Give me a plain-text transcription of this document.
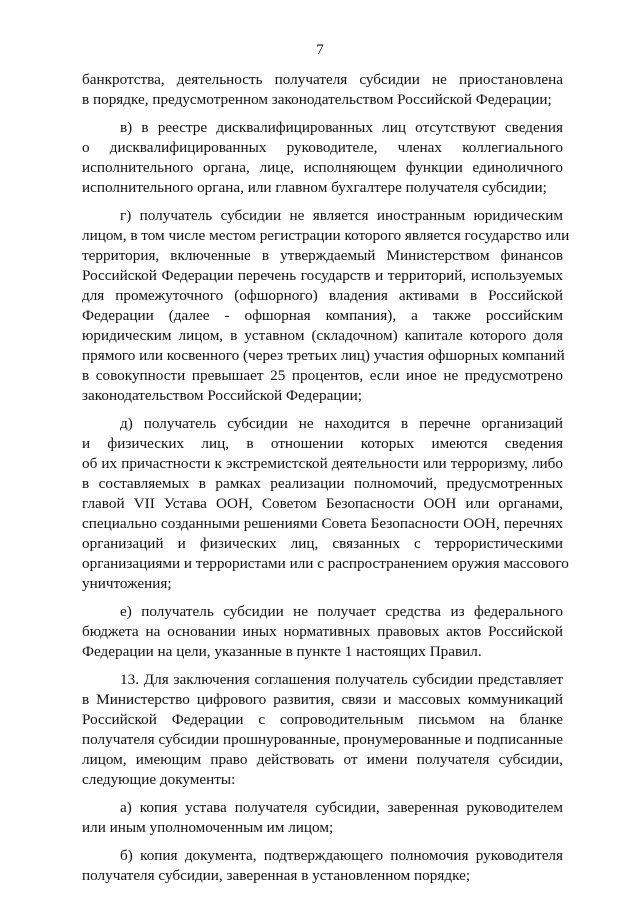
7
банкротства, деятельность получателя субсидии не приостановлена
в порядке, предусмотренном законодательством Российской Федерации;
в) в реестре дисквалифицированных лиц отсутствуют сведения
о дисквалифицированных руководителе, членах коллегиального
исполнительного органа, лице, исполняющем функции единоличного
исполнительного органа, или главном бухгалтере получателя субсидии;
г) получатель субсидии не является иностранным юридическим
лицом, в том числе местом регистрации которого является государство или
территория, включенные в утверждаемый Министерством финансов
Российской Федерации перечень государств и территорий, используемых
для промежуточного (офшорного) владения активами в Российской
Федерации (далее - офшорная компания), а также российским
юридическим лицом, в уставном (складочном) капитале которого доля
прямого или косвенного (через третьих лиц) участия офшорных компаний
в совокупности превышает 25 процентов, если иное не предусмотрено
законодательством Российской Федерации;
д) получатель субсидии не находится в перечне организаций
и физических лиц, в отношении которых имеются сведения
об их причастности к экстремистской деятельности или терроризму, либо
в составляемых в рамках реализации полномочий, предусмотренных
главой VII Устава ООН, Советом Безопасности ООН или органами,
специально созданными решениями Совета Безопасности ООН, перечнях
организаций и физических лиц, связанных с террористическими
организациями и террористами или с распространением оружия массового
уничтожения;
е) получатель субсидии не получает средства из федерального
бюджета на основании иных нормативных правовых актов Российской
Федерации на цели, указанные в пункте 1 настоящих Правил.
13. Для заключения соглашения получатель субсидии представляет
в Министерство цифрового развития, связи и массовых коммуникаций
Российской Федерации с сопроводительным письмом на бланке
получателя субсидии прошнурованные, пронумерованные и подписанные
лицом, имеющим право действовать от имени получателя субсидии,
следующие документы:
а) копия устава получателя субсидии, заверенная руководителем
или иным уполномоченным им лицом;
б) копия документа, подтверждающего полномочия руководителя
получателя субсидии, заверенная в установленном порядке;
